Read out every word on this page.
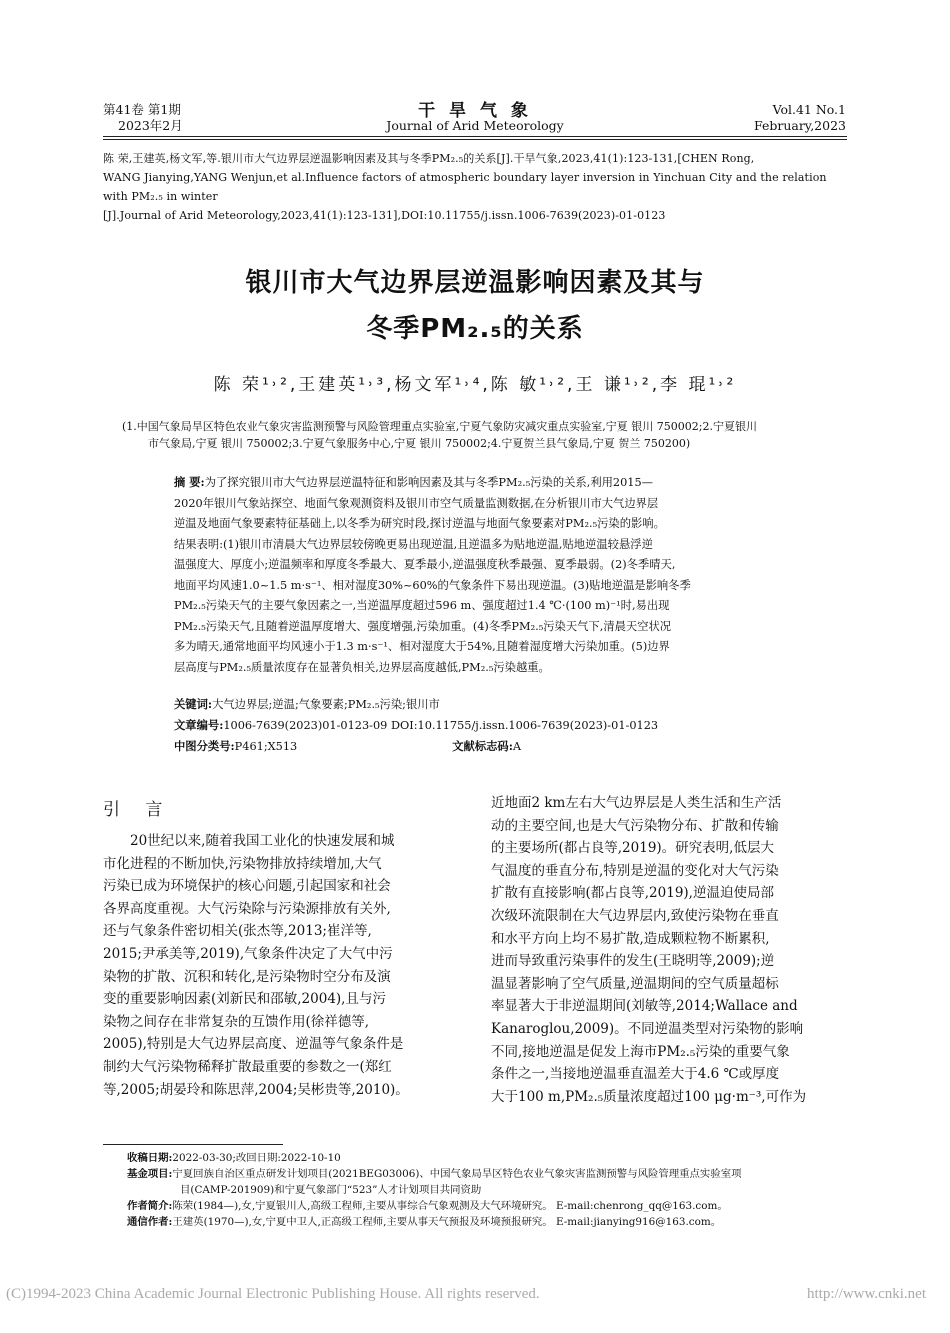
第41卷 第1期
2023年2月
干 旱 气 象
Journal of Arid Meteorology
Vol.41 No.1
February,2023
陈 荣,王建英,杨文军,等.银川市大气边界层逆温影响因素及其与冬季PM₂.₅的关系[J].干旱气象,2023,41(1):123-131,[CHEN Rong,
WANG Jianying,YANG Wenjun,et al.Influence factors of atmospheric boundary layer inversion in Yinchuan City and the relation with PM₂.₅ in winter
[J].Journal of Arid Meteorology,2023,41(1):123-131],DOI:10.11755/j.issn.1006-7639(2023)-01-0123
银川市大气边界层逆温影响因素及其与
冬季PM₂.₅的关系
陈 荣¹˒²,王建英¹˒³,杨文军¹˒⁴,陈 敏¹˒²,王 谦¹˒²,李 琨¹˒²
(1.中国气象局旱区特色农业气象灾害监测预警与风险管理重点实验室,宁夏气象防灾减灾重点实验室,宁夏 银川 750002;2.宁夏银川
市气象局,宁夏 银川 750002;3.宁夏气象服务中心,宁夏 银川 750002;4.宁夏贺兰县气象局,宁夏 贺兰 750200)
摘 要:为了探究银川市大气边界层逆温特征和影响因素及其与冬季PM₂.₅污染的关系,利用2015—
2020年银川气象站探空、地面气象观测资料及银川市空气质量监测数据,在分析银川市大气边界层
逆温及地面气象要素特征基础上,以冬季为研究时段,探讨逆温与地面气象要素对PM₂.₅污染的影响。
结果表明:(1)银川市清晨大气边界层较傍晚更易出现逆温,且逆温多为贴地逆温,贴地逆温较悬浮逆
温强度大、厚度小;逆温频率和厚度冬季最大、夏季最小,逆温强度秋季最强、夏季最弱。(2)冬季晴天,
地面平均风速1.0~1.5 m·s⁻¹、相对湿度30%~60%的气象条件下易出现逆温。(3)贴地逆温是影响冬季
PM₂.₅污染天气的主要气象因素之一,当逆温厚度超过596 m、强度超过1.4 ℃·(100 m)⁻¹时,易出现
PM₂.₅污染天气,且随着逆温厚度增大、强度增强,污染加重。(4)冬季PM₂.₅污染天气下,清晨天空状况
多为晴天,通常地面平均风速小于1.3 m·s⁻¹、相对湿度大于54%,且随着湿度增大污染加重。(5)边界
层高度与PM₂.₅质量浓度存在显著负相关,边界层高度越低,PM₂.₅污染越重。
关键词:大气边界层;逆温;气象要素;PM₂.₅污染;银川市
文章编号:1006-7639(2023)01-0123-09 DOI:10.11755/j.issn.1006-7639(2023)-01-0123
中图分类号:P461;X513	文献标志码:A
引 言
20世纪以来,随着我国工业化的快速发展和城
市化进程的不断加快,污染物排放持续增加,大气
污染已成为环境保护的核心问题,引起国家和社会
各界高度重视。大气污染除与污染源排放有关外,
还与气象条件密切相关(张杰等,2013;崔洋等,
2015;尹承美等,2019),气象条件决定了大气中污
染物的扩散、沉积和转化,是污染物时空分布及演
变的重要影响因素(刘新民和邵敏,2004),且与污
染物之间存在非常复杂的互馈作用(徐祥德等,
2005),特别是大气边界层高度、逆温等气象条件是
制约大气污染物稀释扩散最重要的参数之一(郑红
等,2005;胡晏玲和陈思萍,2004;吴彬贵等,2010)。
近地面2 km左右大气边界层是人类生活和生产活
动的主要空间,也是大气污染物分布、扩散和传输
的主要场所(都占良等,2019)。研究表明,低层大
气温度的垂直分布,特别是逆温的变化对大气污染
扩散有直接影响(都占良等,2019),逆温迫使局部
次级环流限制在大气边界层内,致使污染物在垂直
和水平方向上均不易扩散,造成颗粒物不断累积,
进而导致重污染事件的发生(王晓明等,2009);逆
温显著影响了空气质量,逆温期间的空气质量超标
率显著大于非逆温期间(刘敏等,2014;Wallace and
Kanaroglou,2009)。不同逆温类型对污染物的影响
不同,接地逆温是促发上海市PM₂.₅污染的重要气象
条件之一,当接地逆温垂直温差大于4.6 ℃或厚度
大于100 m,PM₂.₅质量浓度超过100 μg·m⁻³,可作为
收稿日期:2022-03-30;改回日期:2022-10-10
基金项目:宁夏回族自治区重点研发计划项目(2021BEG03006)、中国气象局旱区特色农业气象灾害监测预警与风险管理重点实验室项
目(CAMP-201909)和宁夏气象部门“523”人才计划项目共同资助
作者简介:陈荣(1984—),女,宁夏银川人,高级工程师,主要从事综合气象观测及大气环境研究。 E-mail:chenrong_qq@163.com。
通信作者:王建英(1970—),女,宁夏中卫人,正高级工程师,主要从事天气预报及环境预报研究。 E-mail:jianying916@163.com。
(C)1994-2023 China Academic Journal Electronic Publishing House. All rights reserved.	http://www.cnki.net
